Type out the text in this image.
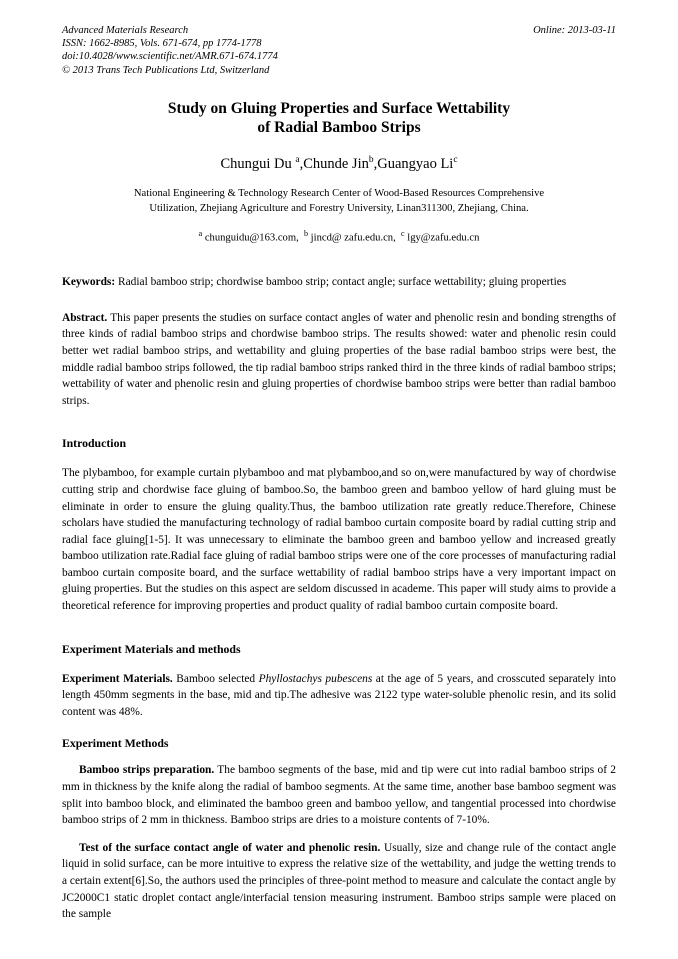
Advanced Materials Research
ISSN: 1662-8985, Vols. 671-674, pp 1774-1778
doi:10.4028/www.scientific.net/AMR.671-674.1774
© 2013 Trans Tech Publications Ltd, Switzerland
Online: 2013-03-11
Study on Gluing Properties and Surface Wettability
of Radial Bamboo Strips
Chungui Du $^a$,Chunde Jin$^b$,Guangyao Li$^c$
National Engineering & Technology Research Center of Wood-Based Resources Comprehensive
Utilization, Zhejiang Agriculture and Forestry University, Linan311300, Zhejiang, China.
$^a$ chunguidu@163.com, $^b$ jincd@ zafu.edu.cn, $^c$ lgy@zafu.edu.cn
Keywords: Radial bamboo strip; chordwise bamboo strip; contact angle; surface wettability; gluing properties
Abstract. This paper presents the studies on surface contact angles of water and phenolic resin and bonding strengths of three kinds of radial bamboo strips and chordwise bamboo strips. The results showed: water and phenolic resin could better wet radial bamboo strips, and wettability and gluing properties of the base radial bamboo strips were best, the middle radial bamboo strips followed, the tip radial bamboo strips ranked third in the three kinds of radial bamboo strips; wettability of water and phenolic resin and gluing properties of chordwise bamboo strips were better than radial bamboo strips.
Introduction

The plybamboo, for example curtain plybamboo and mat plybamboo,and so on,were manufactured by way of chordwise cutting strip and chordwise face gluing of bamboo.So, the bamboo green and bamboo yellow of hard gluing must be eliminate in order to ensure the gluing quality.Thus, the bamboo utilization rate greatly reduce.Therefore, Chinese scholars have studied the manufacturing technology of radial bamboo curtain composite board by radial cutting strip and radial face gluing[1-5]. It was unnecessary to eliminate the bamboo green and bamboo yellow and increased greatly bamboo utilization rate.Radial face gluing of radial bamboo strips were one of the core processes of manufacturing radial bamboo curtain composite board, and the surface wettability of radial bamboo strips have a very important impact on gluing properties. But the studies on this aspect are seldom discussed in academe. This paper will study aims to provide a theoretical reference for improving properties and product quality of radial bamboo curtain composite board.

Experiment Materials and methods

Experiment Materials. Bamboo selected Phyllostachys pubescens at the age of 5 years, and crosscuted separately into length 450mm segments in the base, mid and tip.The adhesive was 2122 type water-soluble phenolic resin, and its solid content was 48%.

Experiment Methods

Bamboo strips preparation. The bamboo segments of the base, mid and tip were cut into radial bamboo strips of 2 mm in thickness by the knife along the radial of bamboo segments. At the same time, another base bamboo segment was split into bamboo block, and eliminated the bamboo green and bamboo yellow, and tangential processed into chordwise bamboo strips of 2 mm in thickness. Bamboo strips are dries to a moisture contents of 7-10%.

Test of the surface contact angle of water and phenolic resin. Usually, size and change rule of the contact angle liquid in solid surface, can be more intuitive to express the relative size of the wettability, and judge the wetting trends to a certain extent[6].So, the authors used the principles of three-point method to measure and calculate the contact angle by JC2000C1 static droplet contact angle/interfacial tension measuring instrument. Bamboo strips sample were placed on the sample
